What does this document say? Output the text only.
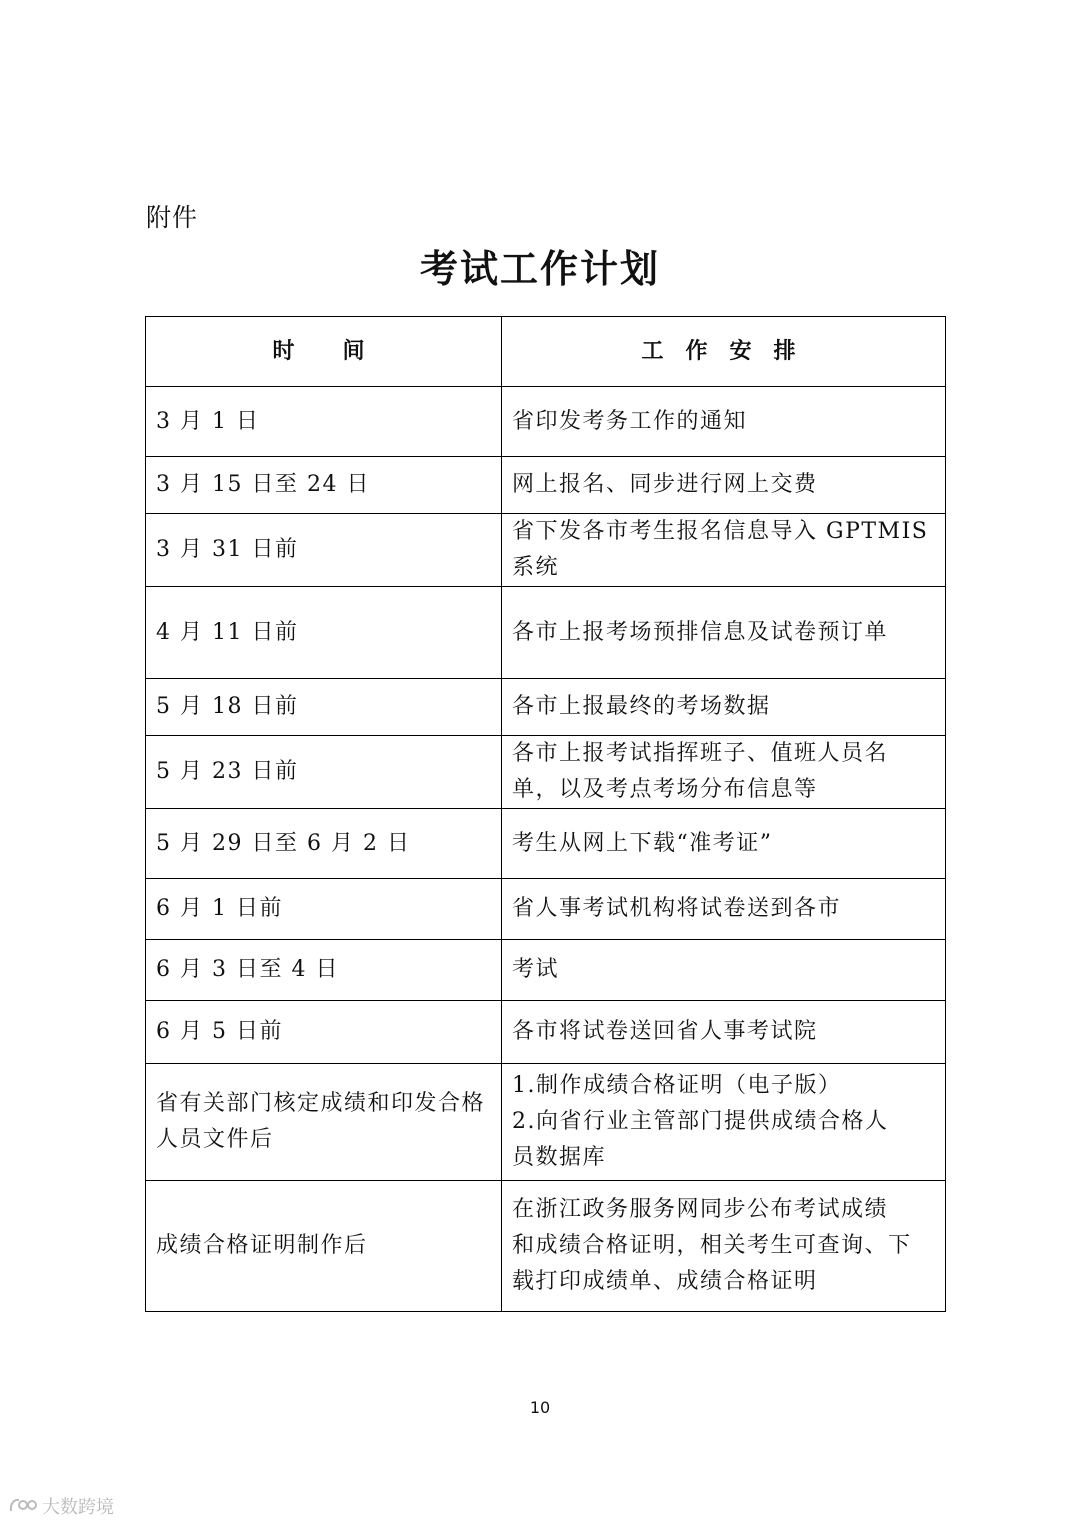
附件
考试工作计划
时间	工作安排
3 月 1 日	省印发考务工作的通知

3 月 15 日至 24 日	网上报名、同步进行网上交费

3 月 31 日前	省下发各市考生报名信息导入 GPTMIS
系统

4 月 11 日前	各市上报考场预排信息及试卷预订单

5 月 18 日前	各市上报最终的考场数据

5 月 23 日前	各市上报考试指挥班子、值班人员名
单，以及考点考场分布信息等

5 月 29 日至 6 月 2 日	考生从网上下载“准考证”

6 月 1 日前	省人事考试机构将试卷送到各市

6 月 3 日至 4 日	考试

6 月 5 日前	各市将试卷送回省人事考试院

省有关部门核定成绩和印发合格人员文件后	1.制作成绩合格证明（电子版）
2.向省行业主管部门提供成绩合格人
员数据库

成绩合格证明制作后	在浙江政务服务网同步公布考试成绩
和成绩合格证明，相关考生可查询、下
载打印成绩单、成绩合格证明
10
大数跨境
